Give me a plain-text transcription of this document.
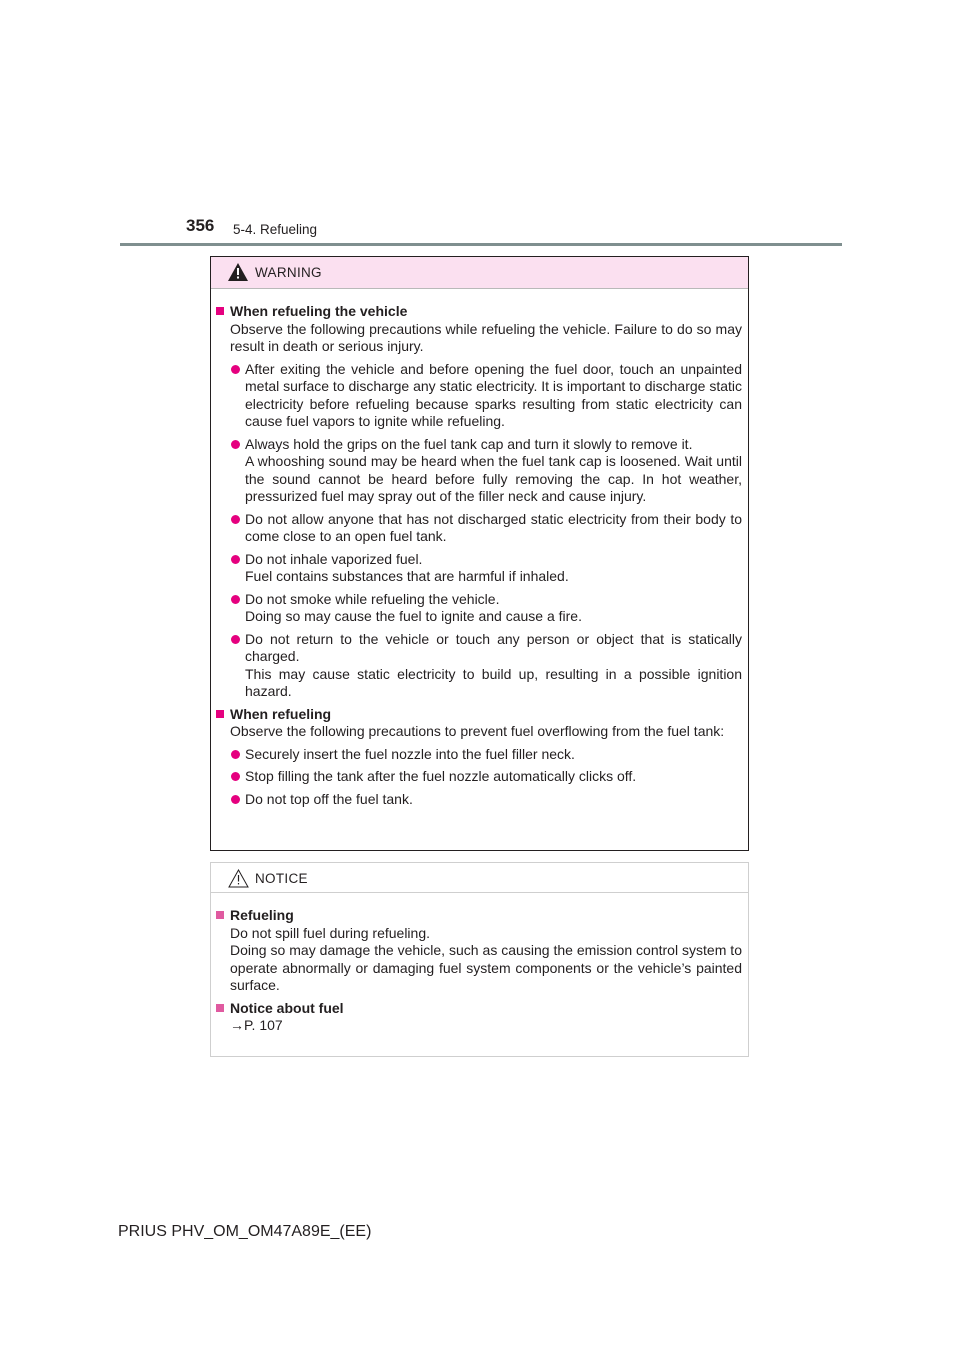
356 5-4. Refueling
WARNING
When refueling the vehicle
Observe the following precautions while refueling the vehicle. Failure to do so may result in death or serious injury.
After exiting the vehicle and before opening the fuel door, touch an unpainted metal surface to discharge any static electricity. It is important to discharge static electricity before refueling because sparks resulting from static electricity can cause fuel vapors to ignite while refueling.
Always hold the grips on the fuel tank cap and turn it slowly to remove it.
A whooshing sound may be heard when the fuel tank cap is loosened. Wait until the sound cannot be heard before fully removing the cap. In hot weather, pressurized fuel may spray out of the filler neck and cause injury.
Do not allow anyone that has not discharged static electricity from their body to come close to an open fuel tank.
Do not inhale vaporized fuel.
Fuel contains substances that are harmful if inhaled.
Do not smoke while refueling the vehicle.
Doing so may cause the fuel to ignite and cause a fire.
Do not return to the vehicle or touch any person or object that is statically charged.
This may cause static electricity to build up, resulting in a possible ignition hazard.
When refueling
Observe the following precautions to prevent fuel overflowing from the fuel tank:
Securely insert the fuel nozzle into the fuel filler neck.
Stop filling the tank after the fuel nozzle automatically clicks off.
Do not top off the fuel tank.
NOTICE
Refueling
Do not spill fuel during refueling.
Doing so may damage the vehicle, such as causing the emission control system to operate abnormally or damaging fuel system components or the vehicle’s painted surface.
Notice about fuel
→P. 107
PRIUS PHV_OM_OM47A89E_(EE)
